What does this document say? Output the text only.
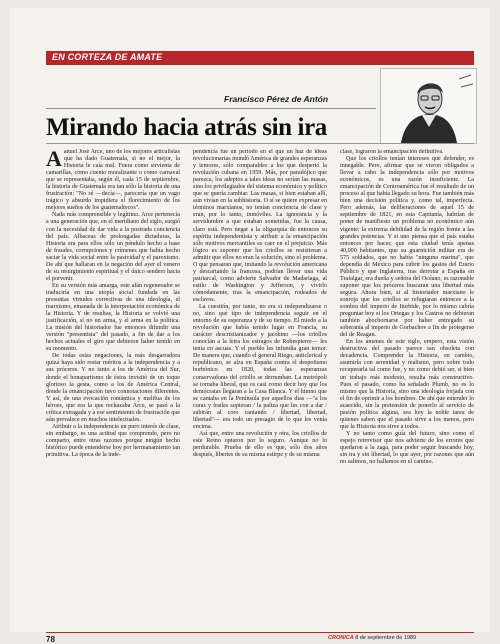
EN CORTEZA DE AMATE
Francisco Pérez de Antón
Mirando hacia atrás sin ira
A anuel José Arce, uno de los mejores articulistas que ha dado Guatemala, si no el mejor, la Historia le caía mal. Fuera como sirvienta de camarillas, como cuento moralizante o como carnaval que se representaba, según él, cada 15 de septiembre, la historia de Guatemala era tan sólo la historia de una frustración: "No sé —decía—, parecería que un vago trágico y absurdo impidiera el florecimiento de los mejores sueños de los guatemaltecos".

Nada más comprensible y legítimo. Arce pertenecía a una generación que, en el meridiano del siglo, surgió con la necesidad de dar vida a la postrada conciencia del país. Albaceas de prolongadas dictaduras, la Historia era para ellos sólo un péndulo hecho a base de fraudes, corrupciones y crímenes que había hecho saciar la vida social entre la pasividad y el paroxismo. De ahí que hallaran en la negación del ayer el venero de su resurgimiento espiritual y el único sendero hacia el porvenir.

En su versión más amarga, este afán regenerador se traduciría en una utopía social fundada en las presuntas virtudes correctivas de una ideología, el marxismo, emanada de la interpretación económica de la Historia. Y de resultas, la Historia se volvió una justificación, sí no un arma, y el arma en la política. La misión del historiador fue entonces difundir una versión "presentista" del pasado, a fin de dar a los hechos actuales el giro que debieron haber tenido en su momento.

De todas estas negaciones, la más desgarradora quizá haya sido restar méritos a la independencia y a sus próceres. Y no tanto a los de América del Sur, donde el bonapartismo de éstos invistió de un toque glorioso la gesta, como a los de América Central, donde la emancipación tuvo connotaciones diferentes. Y así, de una evocación romántica y melifua de los héroes, que era la que rechazaba Arce, se pasó a la crítica extragada y a ese sentimiento de frustración que aún prevalece en muchos intelectuales.

Atribuir a la independencia un puro interés de clase, sin embargo, es una actitud que comprendo, pero no comparto, entre otras razones porque ningún hecho histórico puede entenderse hoy por hermanamiento tan primitiva. La época de la inde-

pendencia fue un período en el que un haz de ideas revolucionarias inundó América de grandes esperanzas y temores, sólo comparables a los que despertó la revolución cubana en 1959. Más, por paradójico que parezca, los adeptos a tales ideas no serían las masas, sino los privilegiados del sistema económico y político que se quería cambiar. Las masas, si bien estaban allí, aún vivían en la subhistoria. O sí se quiere expresar en términos marxianos, no tenían conciencia de clase y eran, por lo tanto, inmóviles. La ignorancia y la servidumbre a que estaban sometidas, fue la causa, claro está. Pero negar a la oligarquía de entonces su espíritu independentista y atribuir a la emancipación sólo motivos mercantiles es caer en el prejuicio. Más lógico es suponer que los criollos se resistieran a admitir que ellos no eran la solución, sino el problema. O que pensaran que, imitando la revolución americana y descartando la francesa, podrían llevar una vida patriarcal, como advierte Salvador de Madariaga, al estilo de Washington y Jefferson, y vivirlo cómodamente, tras la emancipación, rodeados de esclavos.

La cuestión, por tanto, no era si independizarse o no, sino qué tipo de independencia seguir en el entorno de su esperanza y de su tiempo. El miedo a la revolución que había tenido lugar en Francia, su carácter descristianizador y jacobino —los criollos conocían a la letra los estragos de Robespierre— les tenía en ascuas. Y el pueblo les infundía gran temor. De manera que, cuando el general Riego, anticlerical y republicano, se alza en España contra el despotismo borbónico en 1820, todas las esperanzas conservadoras del criollo se derrumban. La metrópoli se tornaba liberal, que es casi como decir hoy que los demócratas llegaran a la Casa Blanca. Y el himno que se cantaba en la Península por aquellos días —"a los curas y frailes supieran / la paliza que les con a dar / subirán al coro cantando / libertad, libertad, libertad"— era todo un presagio de lo que les venía encima.

Así que, entre una revolución y otra, los criollos de este Reino optaron por lo seguro. Aunque no lo perdurable. Prueba de ello es que, sólo dos años después, libertes de su misma estirpe y de su misma

clase, lograron la emancipación definitiva.

Que los criollos tenían intereses que defender, es innegable. Pero, afirmar que se vieron obligados a llevar a cabo la independencia sólo por motivos económicos, es una razón insuficiente. La emancipación de Centroamérica fue el resultado de un proceso al que había llegado su hora. Fue también más bien una decisión política y, como tal, imperfecta. Pero además, las deliberaciones de aquel 15 de septiembre de 1821, en esta Capitanía, habrían de poner de manifiesto un problema no económico aún vigente: la extrema debilidad de la región frente a las grandes potencias. Y si uno piensa que el país estaba entonces por hacer, que esta ciudad tenía apenas 40,000 habitantes, que su guarnición militar era de 575 soldados, que no había "ninguna marina", que dependía de México para cubrir los gastos del Erario Público y que Inglaterra, tras derrotar a España en Trafalgar, era dueña y señora del Océano, es razonable suponer que los próceres buscaran una libertad más segura. Ahora bien, si al historiador marxiano le sonroja que los criollos se refugiaran entonces a la sombra del imperio de Iturbide, por lo mismo cabría preguntar hoy si los Ortegas y los Castros no debieran también abochornarse por haber entregado su soberanía al imperio de Gorbachov a fin de protegerse del de Reagan.

En los amenes de este siglo, empero, esta visión destructiva del pasado parece tan obsoleta con decadencia. Comprender la Historia, en cambio, asumirla con serenidad y realismo, pero sobre todo recuperarla tal como fue, y no como debió ser, si bien un trabajo más modesto, resulta más constructivo. Pues el pasado, como ha señalado Plumb, no es lo mismo que la Historia, sino una ideología forjada con el fin de oprimir a los hombres. De ahí que entender lo acaecido, sin la pretensión de ponerlo al servicio de pasión política alguna, sea hoy la noble tarea de quienes saben que el pasado sirve a los menos, pero que la Historia nos sirve a todos.

Y no tanto como guía del futuro, sino como el espejo retrovisor que nos advierte de los errores que quedaron a la zaga, para poder seguir buscando hoy, sin ira y sin libertad, lo que ayer, por razones que aún no salimos, no hallamos en el camino.

78	CRONICA 8 de septiembre de 1989
